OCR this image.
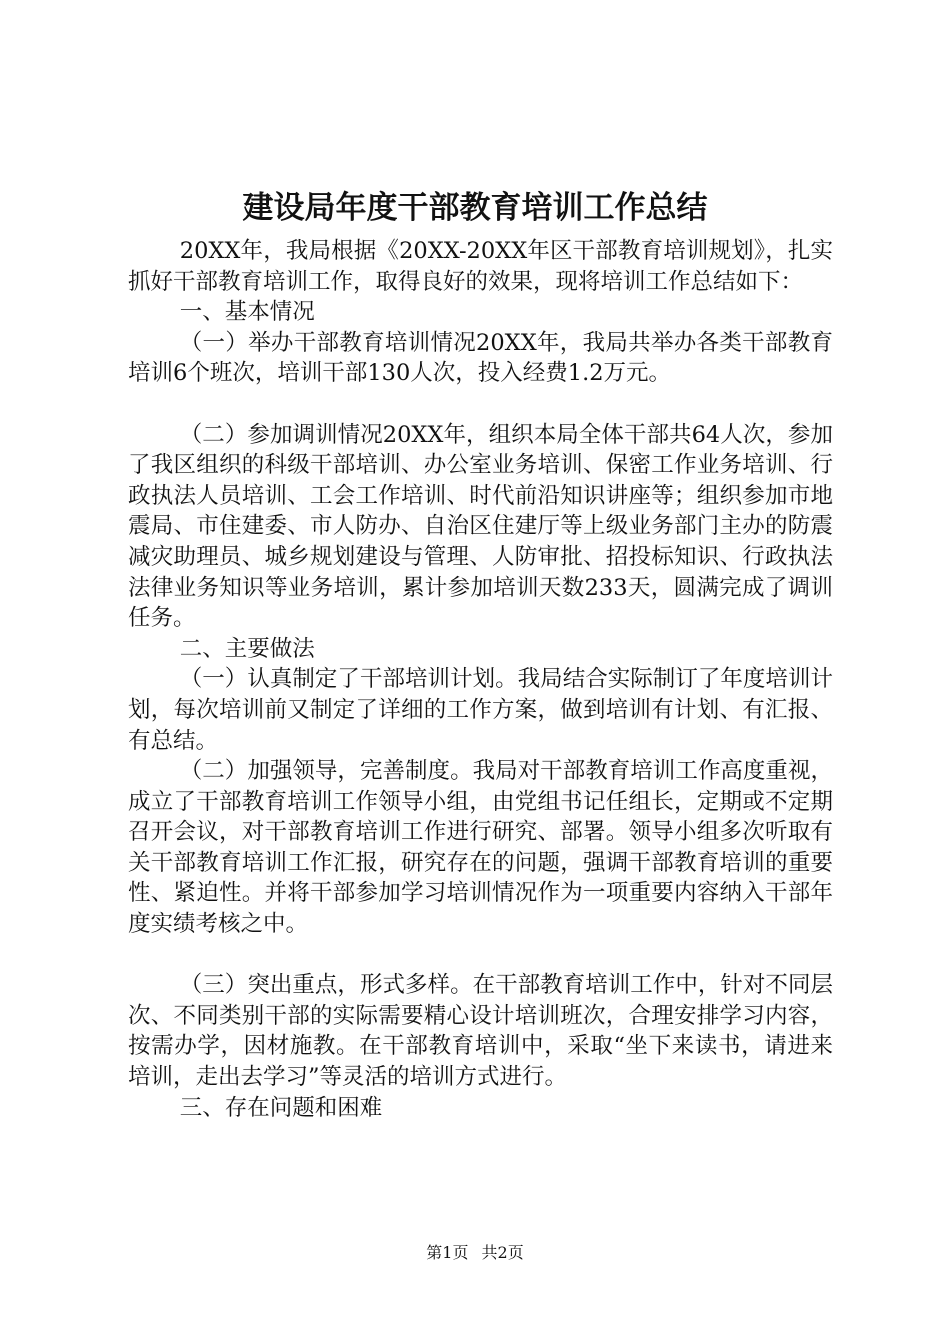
建设局年度干部教育培训工作总结

20XX年，我局根据《20XX-20XX年区干部教育培训规划》，扎实抓好干部教育培训工作，取得良好的效果，现将培训工作总结如下：

一、基本情况

（一）举办干部教育培训情况20XX年，我局共举办各类干部教育培训6个班次，培训干部130人次，投入经费1.2万元。

（二）参加调训情况20XX年，组织本局全体干部共64人次，参加了我区组织的科级干部培训、办公室业务培训、保密工作业务培训、行政执法人员培训、工会工作培训、时代前沿知识讲座等；组织参加市地震局、市住建委、市人防办、自治区住建厅等上级业务部门主办的防震减灾助理员、城乡规划建设与管理、人防审批、招投标知识、行政执法法律业务知识等业务培训，累计参加培训天数233天，圆满完成了调训任务。

二、主要做法

（一）认真制定了干部培训计划。我局结合实际制订了年度培训计划，每次培训前又制定了详细的工作方案，做到培训有计划、有汇报、有总结。

（二）加强领导，完善制度。我局对干部教育培训工作高度重视，成立了干部教育培训工作领导小组，由党组书记任组长，定期或不定期召开会议，对干部教育培训工作进行研究、部署。领导小组多次听取有关干部教育培训工作汇报，研究存在的问题，强调干部教育培训的重要性、紧迫性。并将干部参加学习培训情况作为一项重要内容纳入干部年度实绩考核之中。

（三）突出重点，形式多样。在干部教育培训工作中，针对不同层次、不同类别干部的实际需要精心设计培训班次，合理安排学习内容，按需办学，因材施教。在干部教育培训中，采取“坐下来读书，请进来培训，走出去学习”等灵活的培训方式进行。

三、存在问题和困难

第1页 共2页
